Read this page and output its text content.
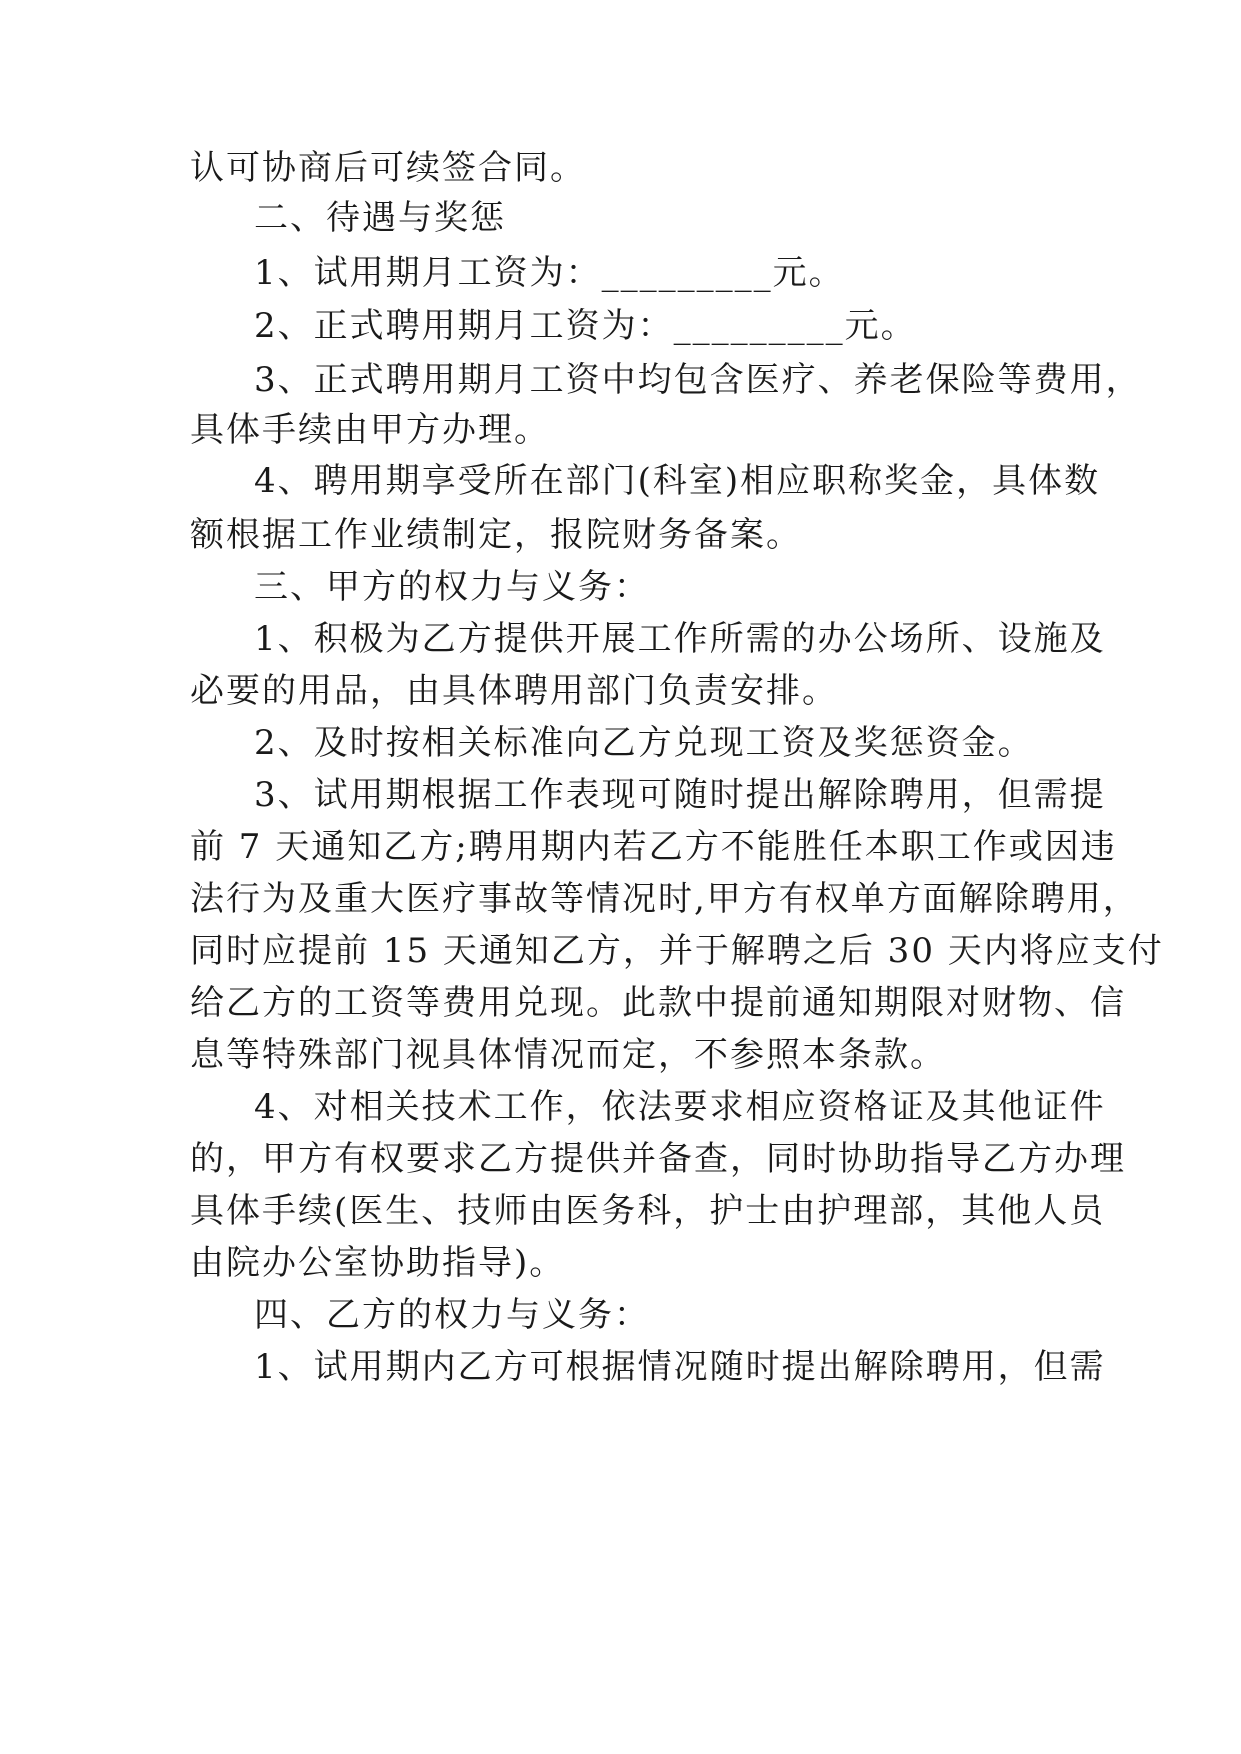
认可协商后可续签合同。
二、待遇与奖惩
1、试用期月工资为：_________元。
2、正式聘用期月工资为：_________元。
3、正式聘用期月工资中均包含医疗、养老保险等费用，
具体手续由甲方办理。
4、聘用期享受所在部门(科室)相应职称奖金，具体数
额根据工作业绩制定，报院财务备案。
三、甲方的权力与义务：
1、积极为乙方提供开展工作所需的办公场所、设施及
必要的用品，由具体聘用部门负责安排。
2、及时按相关标准向乙方兑现工资及奖惩资金。
3、试用期根据工作表现可随时提出解除聘用，但需提
前 7 天通知乙方;聘用期内若乙方不能胜任本职工作或因违
法行为及重大医疗事故等情况时,甲方有权单方面解除聘用，
同时应提前 15 天通知乙方，并于解聘之后 30 天内将应支付
给乙方的工资等费用兑现。此款中提前通知期限对财物、信
息等特殊部门视具体情况而定，不参照本条款。
4、对相关技术工作，依法要求相应资格证及其他证件
的，甲方有权要求乙方提供并备查，同时协助指导乙方办理
具体手续(医生、技师由医务科，护士由护理部，其他人员
由院办公室协助指导)。
四、乙方的权力与义务：
1、试用期内乙方可根据情况随时提出解除聘用，但需
